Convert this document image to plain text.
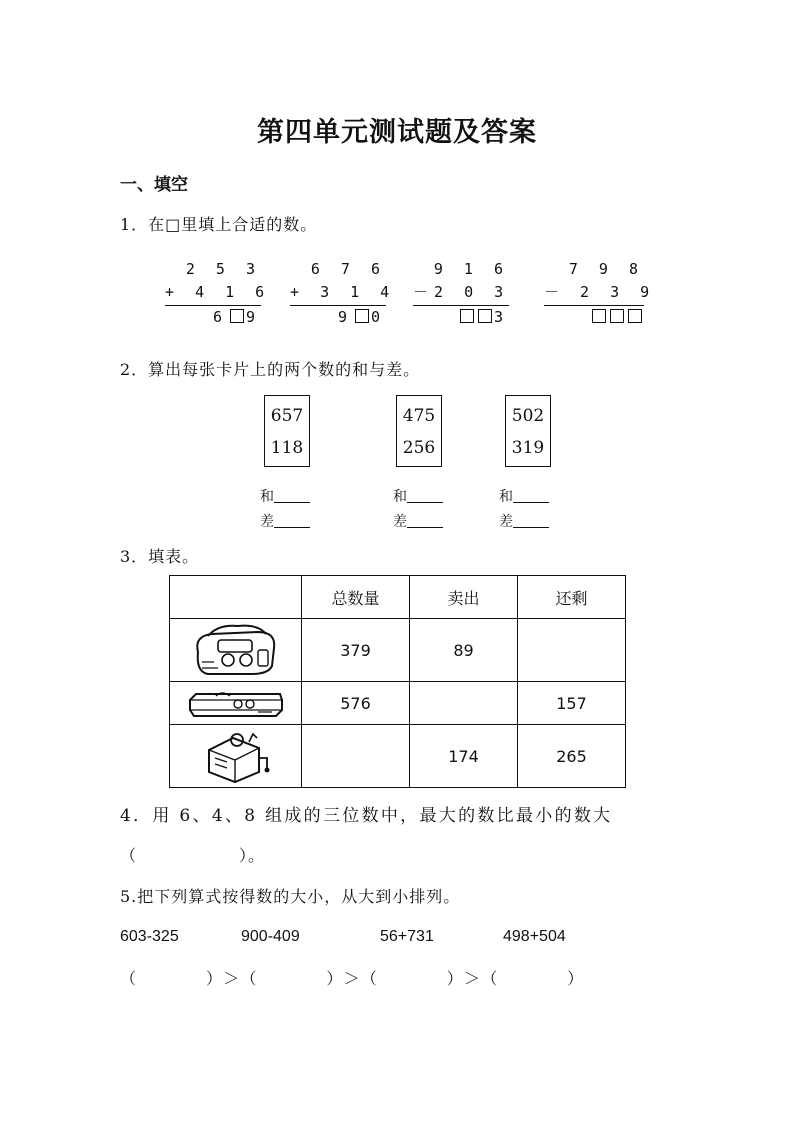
第四单元测试题及答案
一、填空
1．在□里填上合适的数。
2 5 3
+ 4 1 6
6 9
6 7 6
+ 3 1 4
9 0
9 1 6
－2 0 3
3
7 9 8
－ 2 3 9
2．算出每张卡片上的两个数的和与差。
657
118
475
256
502
319
和
差
和
差
和
差
3．填表。
	总数量	卖出	还剩

	379	89	

	576		157

		174	265
4．用 6、4、8 组成的三位数中，最大的数比最小的数大
（　　　　　　）。
5.把下列算式按得数的大小，从大到小排列。
603-325	900-409	56+731	498+504
（　　　　）＞（　　　　）＞（　　　　）＞（　　　　）
